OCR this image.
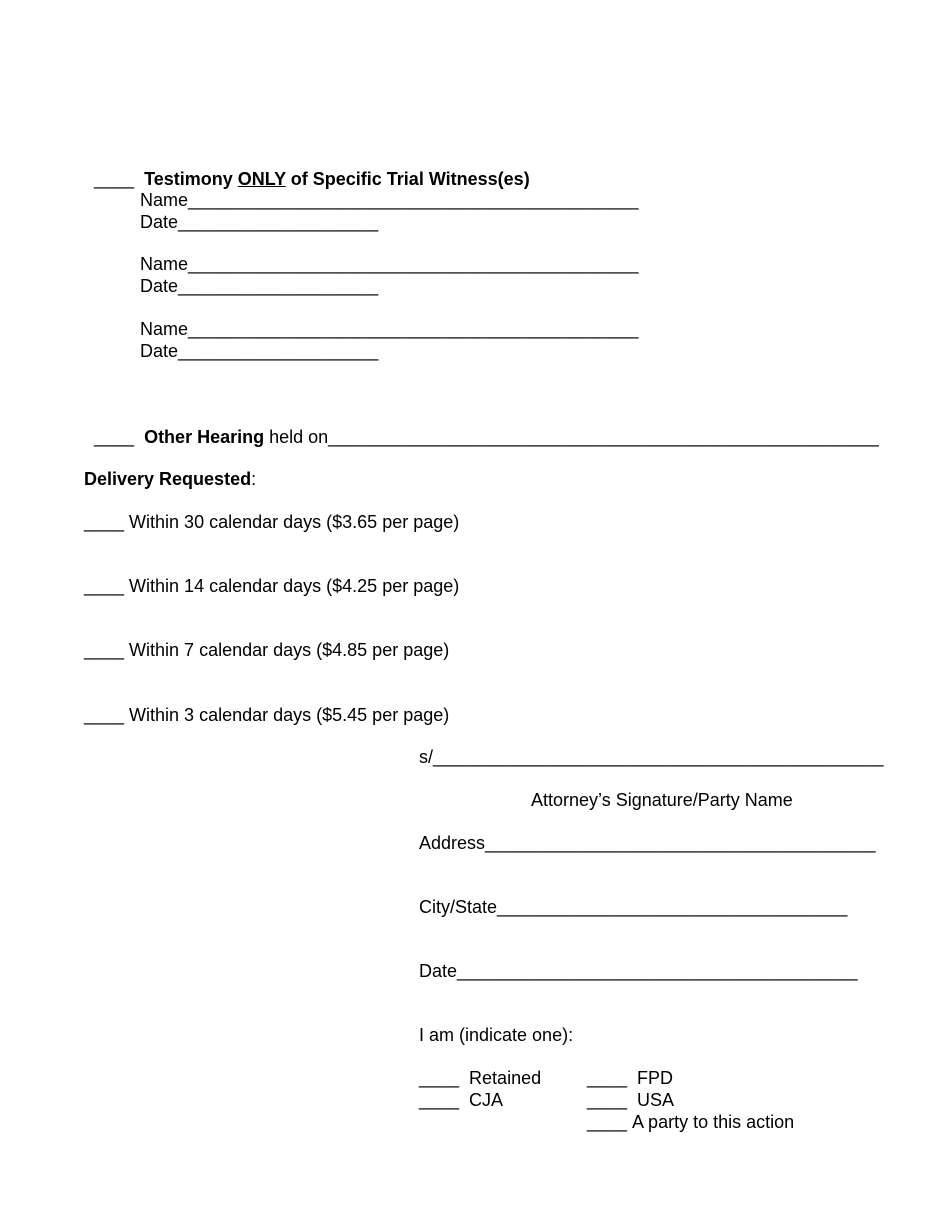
____ Testimony ONLY of Specific Trial Witness(es)

Name_____________________________________________
Date____________________
Name_____________________________________________
Date____________________
Name_____________________________________________
Date____________________

____ Other Hearing held on_______________________________________________________

Delivery Requested:
____ Within 30 calendar days ($3.65 per page)
____ Within 14 calendar days ($4.25 per page)
____ Within 7 calendar days ($4.85 per page)
____ Within 3 calendar days ($5.45 per page)
s/_____________________________________________
Attorney’s Signature/Party Name
Address_______________________________________
City/State___________________________________
Date________________________________________
I am (indicate one):
____ Retained
____ CJA
____ FPD
____ USA
____ A party to this action
